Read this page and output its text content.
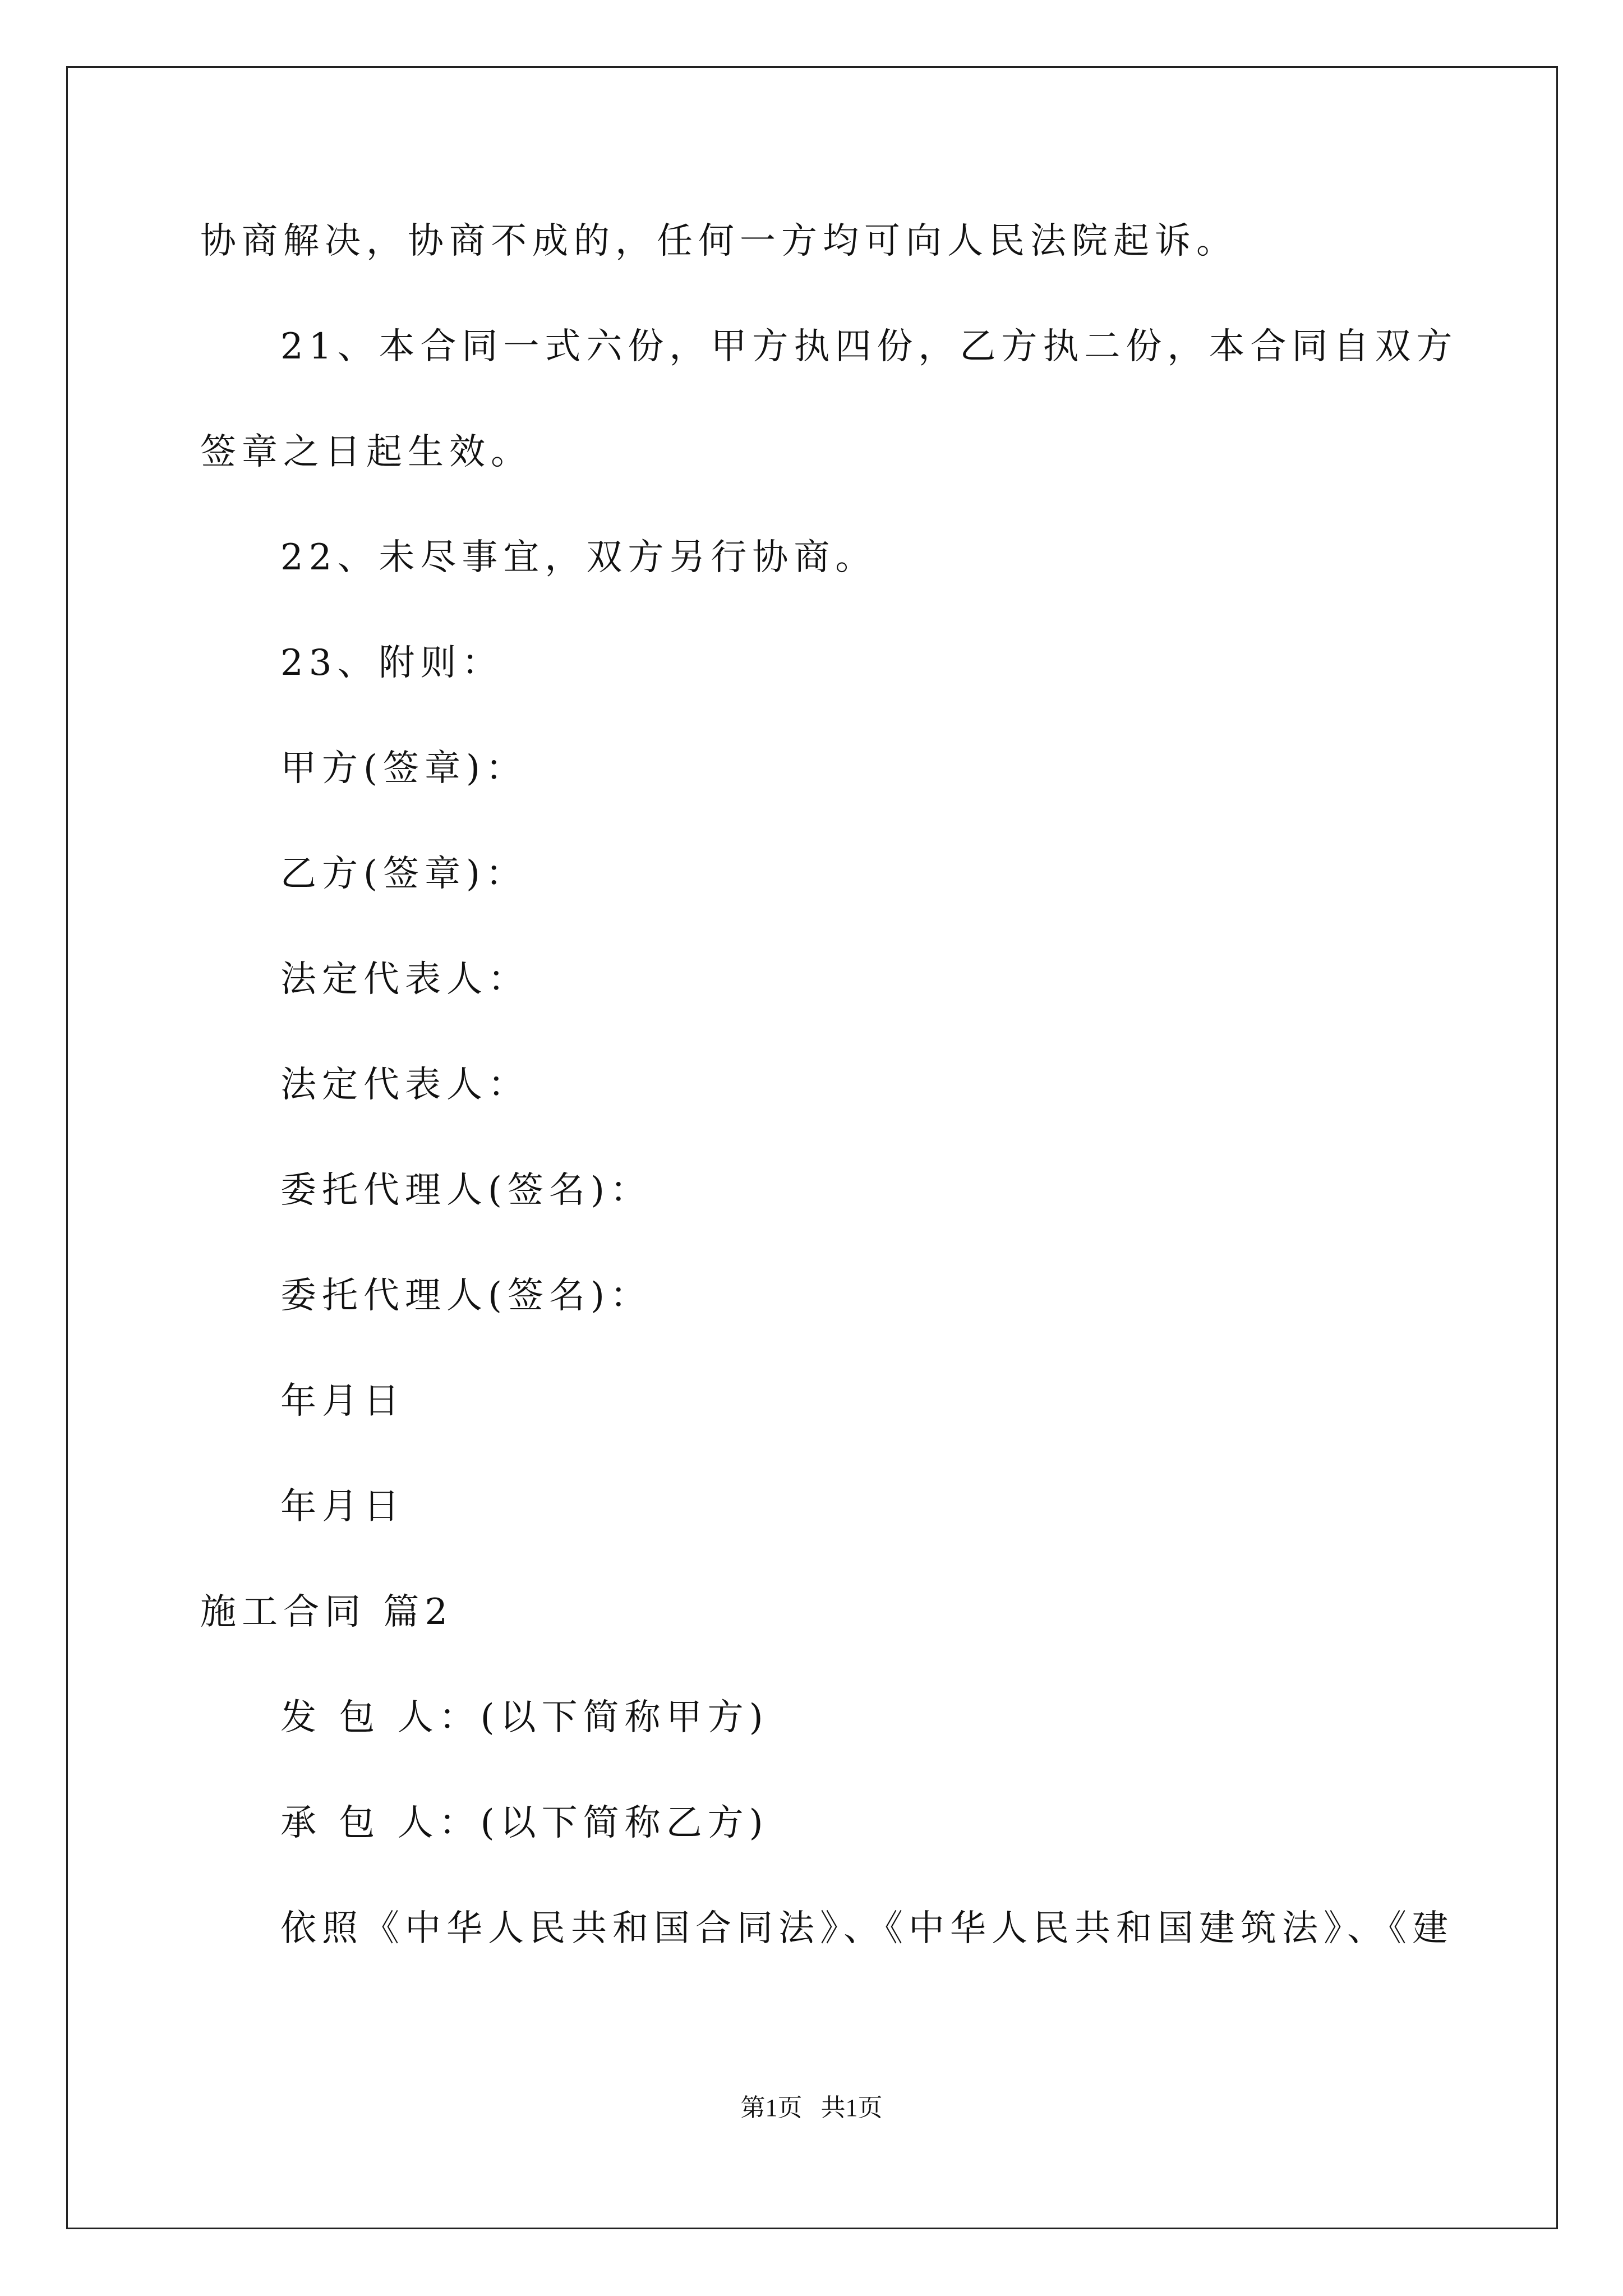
协商解决，协商不成的，任何一方均可向人民法院起诉。
21、本合同一式六份，甲方执四份，乙方执二份，本合同自双方
签章之日起生效。
22、未尽事宜，双方另行协商。
23、附则：
甲方(签章)：
乙方(签章)：
法定代表人：
法定代表人：
委托代理人(签名)：
委托代理人(签名)：
年月日
年月日
施工合同 篇2
发 包 人：(以下简称甲方)
承 包 人：(以下简称乙方)
依照《中华人民共和国合同法》、《中华人民共和国建筑法》、《建
第1页   共1页
